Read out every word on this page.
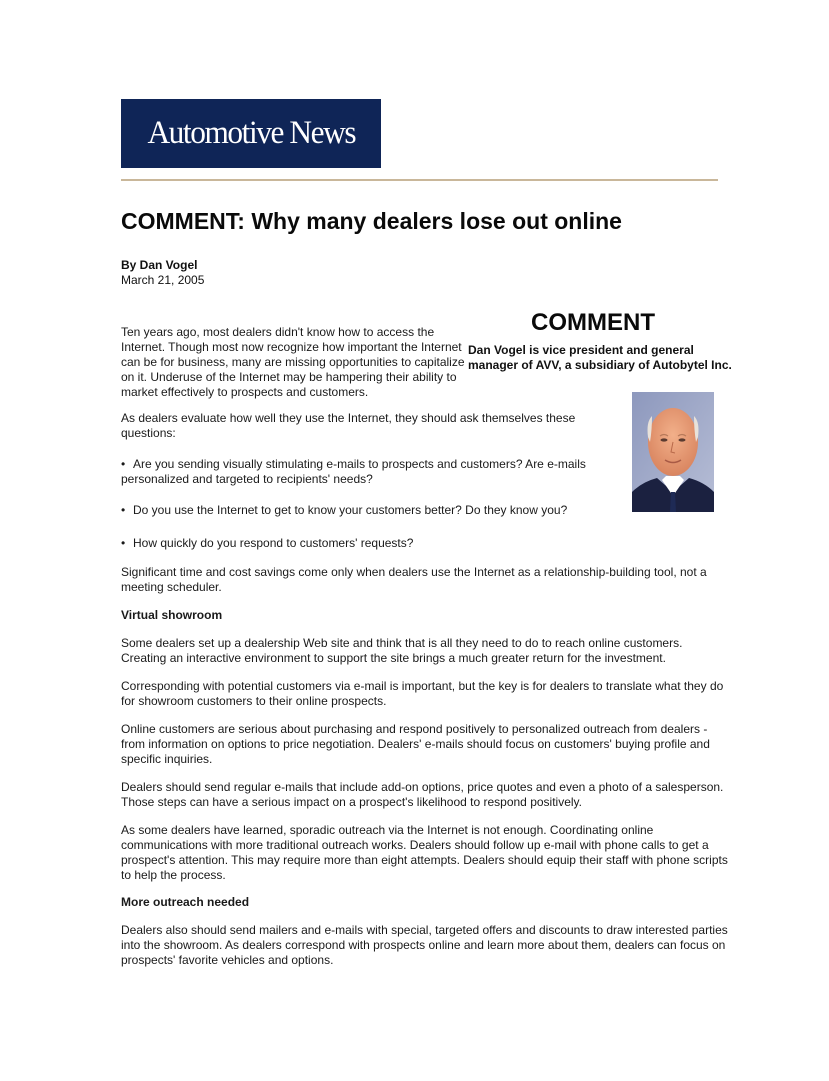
Automotive News
COMMENT: Why many dealers lose out online
By Dan Vogel
March 21, 2005

Ten years ago, most dealers didn't know how to access the Internet. Though most now recognize how important the Internet can be for business, many are missing opportunities to capitalize on it. Underuse of the Internet may be hampering their ability to market effectively to prospects and customers.

COMMENT
Dan Vogel is vice president and general manager of AVV, a subsidiary of Autobytel Inc.

As dealers evaluate how well they use the Internet, they should ask themselves these questions:

• Are you sending visually stimulating e-mails to prospects and customers? Are e-mails personalized and targeted to recipients' needs?
• Do you use the Internet to get to know your customers better? Do they know you?
• How quickly do you respond to customers' requests?

Significant time and cost savings come only when dealers use the Internet as a relationship-building tool, not a meeting scheduler.

Virtual showroom

Some dealers set up a dealership Web site and think that is all they need to do to reach online customers. Creating an interactive environment to support the site brings a much greater return for the investment.

Corresponding with potential customers via e-mail is important, but the key is for dealers to translate what they do for showroom customers to their online prospects.

Online customers are serious about purchasing and respond positively to personalized outreach from dealers - from information on options to price negotiation. Dealers' e-mails should focus on customers' buying profile and specific inquiries.

Dealers should send regular e-mails that include add-on options, price quotes and even a photo of a salesperson. Those steps can have a serious impact on a prospect's likelihood to respond positively.

As some dealers have learned, sporadic outreach via the Internet is not enough. Coordinating online communications with more traditional outreach works. Dealers should follow up e-mail with phone calls to get a prospect's attention. This may require more than eight attempts. Dealers should equip their staff with phone scripts to help the process.

More outreach needed

Dealers also should send mailers and e-mails with special, targeted offers and discounts to draw interested parties into the showroom. As dealers correspond with prospects online and learn more about them, dealers can focus on prospects' favorite vehicles and options.
